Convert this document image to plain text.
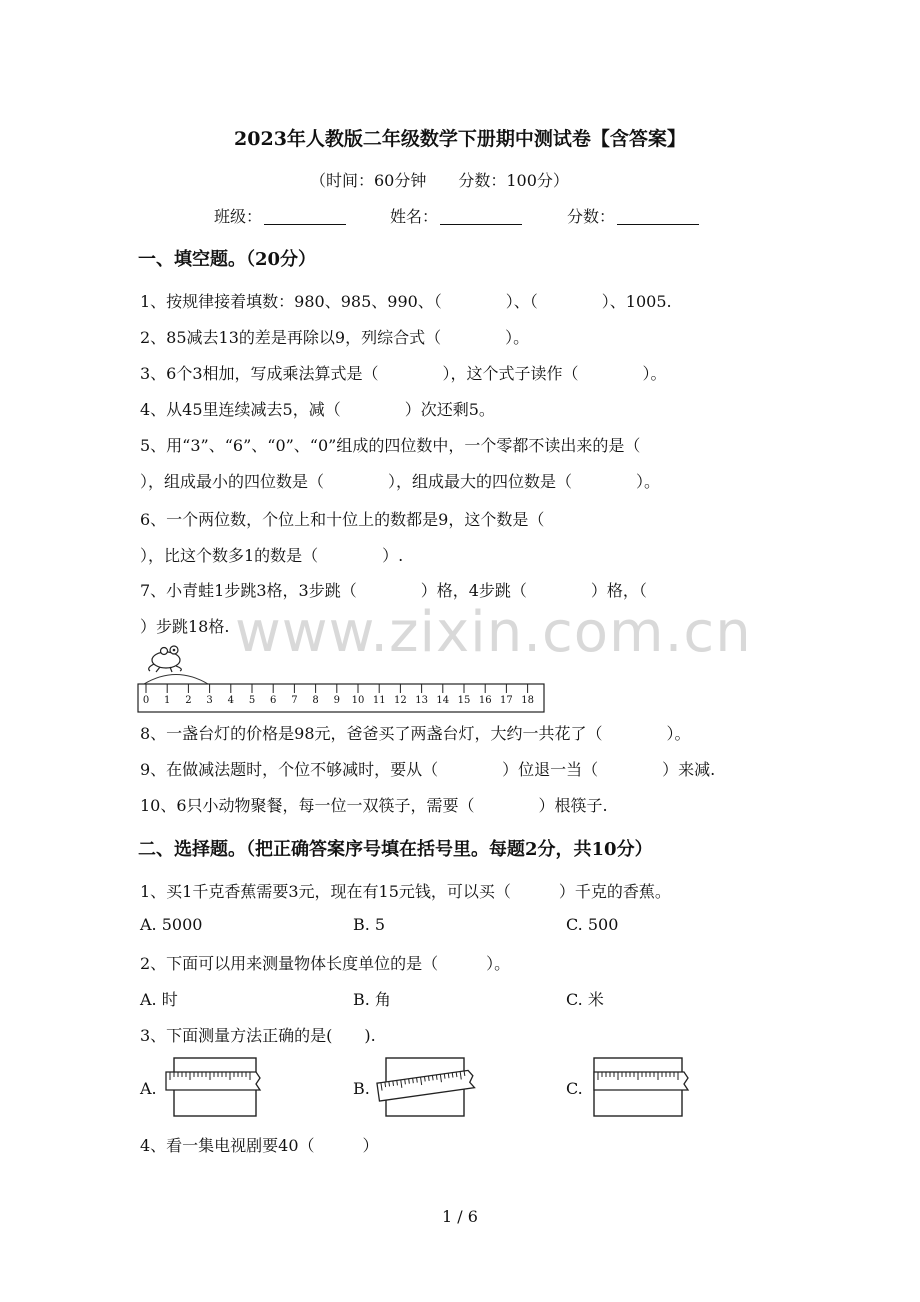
2023年人教版二年级数学下册期中测试卷【含答案】
（时间：60分钟　　分数：100分）
班级：	姓名：	分数：
一、填空题。（20分）
1、按规律接着填数：980、985、990、（　　　　）、（　　　　）、1005.
2、85减去13的差是再除以9，列综合式（　　　　）。
3、6个3相加，写成乘法算式是（　　　　），这个式子读作（　　　　）。
4、从45里连续减去5，减（　　　　）次还剩5。
5、用“3”、“6”、“0”、“0”组成的四位数中，一个零都不读出来的是（
），组成最小的四位数是（　　　　），组成最大的四位数是（　　　　）。
6、一个两位数，个位上和十位上的数都是9，这个数是（
），比这个数多1的数是（　　　　）.
7、小青蛙1步跳3格，3步跳（　　　　）格，4步跳（　　　　）格，（
）步跳18格.
0 1 2 3 4 5 6 7 8 9 10 11 12 13 14 15 16 17 18
8、一盏台灯的价格是98元，爸爸买了两盏台灯，大约一共花了（　　　　）。
9、在做减法题时，个位不够减时，要从（　　　　）位退一当（　　　　）来减.
10、6只小动物聚餐，每一位一双筷子，需要（　　　　）根筷子.
二、选择题。（把正确答案序号填在括号里。每题2分，共10分）
1、买1千克香蕉需要3元，现在有15元钱，可以买（　　　）千克的香蕉。
A. 5000	B. 5	C. 500
2、下面可以用来测量物体长度单位的是（　　　）。
A. 时	B. 角	C. 米
3、下面测量方法正确的是(　　).
A.	B.	C.
4、看一集电视剧要40（　　　）
www.zixin.com.cn
1 / 6
